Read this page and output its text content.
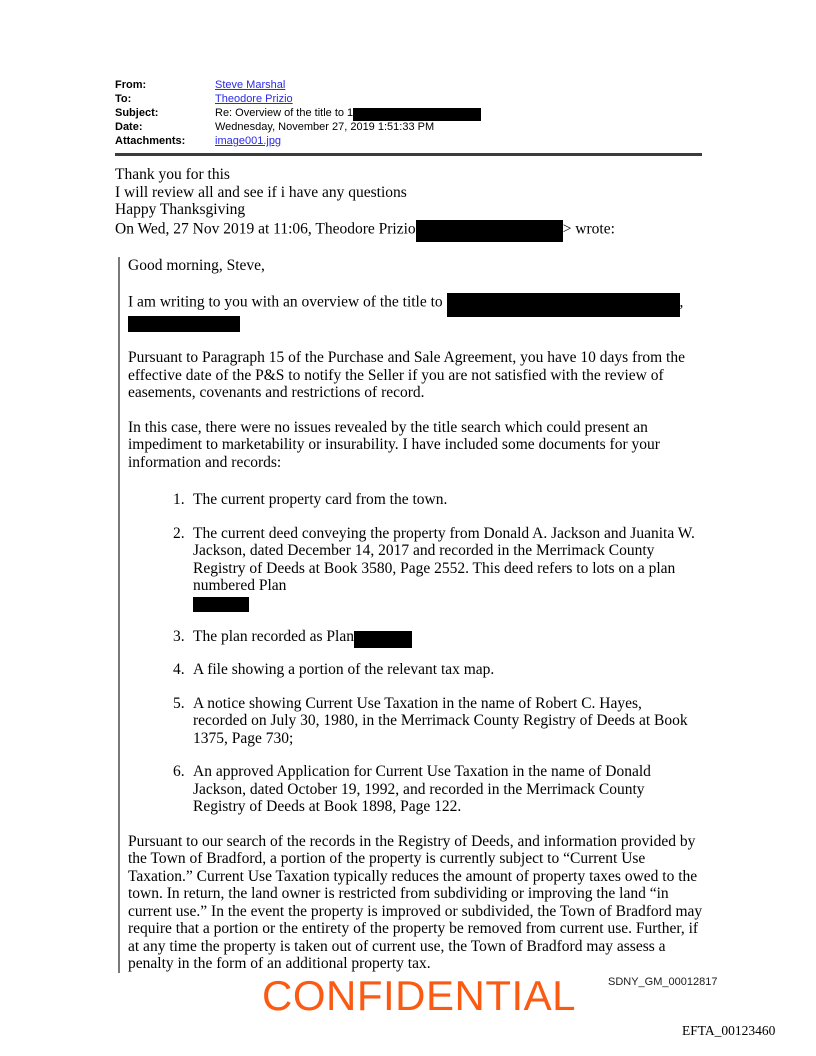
From:	Steve Marshal
To:	Theodore Prizio
Subject:	Re: Overview of the title to 1
Date:	Wednesday, November 27, 2019 1:51:33 PM
Attachments:	image001.jpg

Thank you for this

I will review all and see if i have any questions

Happy Thanksgiving

On Wed, 27 Nov 2019 at 11:06, Theodore Prizio	> wrote:

Good morning, Steve,

I am writing to you with an overview of the title to	,

Pursuant to Paragraph 15 of the Purchase and Sale Agreement, you have 10 days from the effective date of the P&S to notify the Seller if you are not satisfied with the review of easements, covenants and restrictions of record.

In this case, there were no issues revealed by the title search which could present an impediment to marketability or insurability. I have included some documents for your information and records:

1. The current property card from the town.
2. The current deed conveying the property from Donald A. Jackson and Juanita W. Jackson, dated December 14, 2017 and recorded in the Merrimack County Registry of Deeds at Book 3580, Page 2552. This deed refers to lots on a plan numbered Plan
3. The plan recorded as Plan
4. A file showing a portion of the relevant tax map.
5. A notice showing Current Use Taxation in the name of Robert C. Hayes, recorded on July 30, 1980, in the Merrimack County Registry of Deeds at Book 1375, Page 730;
6. An approved Application for Current Use Taxation in the name of Donald Jackson, dated October 19, 1992, and recorded in the Merrimack County Registry of Deeds at Book 1898, Page 122.

Pursuant to our search of the records in the Registry of Deeds, and information provided by the Town of Bradford, a portion of the property is currently subject to “Current Use Taxation.” Current Use Taxation typically reduces the amount of property taxes owed to the town. In return, the land owner is restricted from subdividing or improving the land “in current use.” In the event the property is improved or subdivided, the Town of Bradford may require that a portion or the entirety of the property be removed from current use. Further, if at any time the property is taken out of current use, the Town of Bradford may assess a penalty in the form of an additional property tax.

CONFIDENTIAL	SDNY_GM_00012817
EFTA_00123460
